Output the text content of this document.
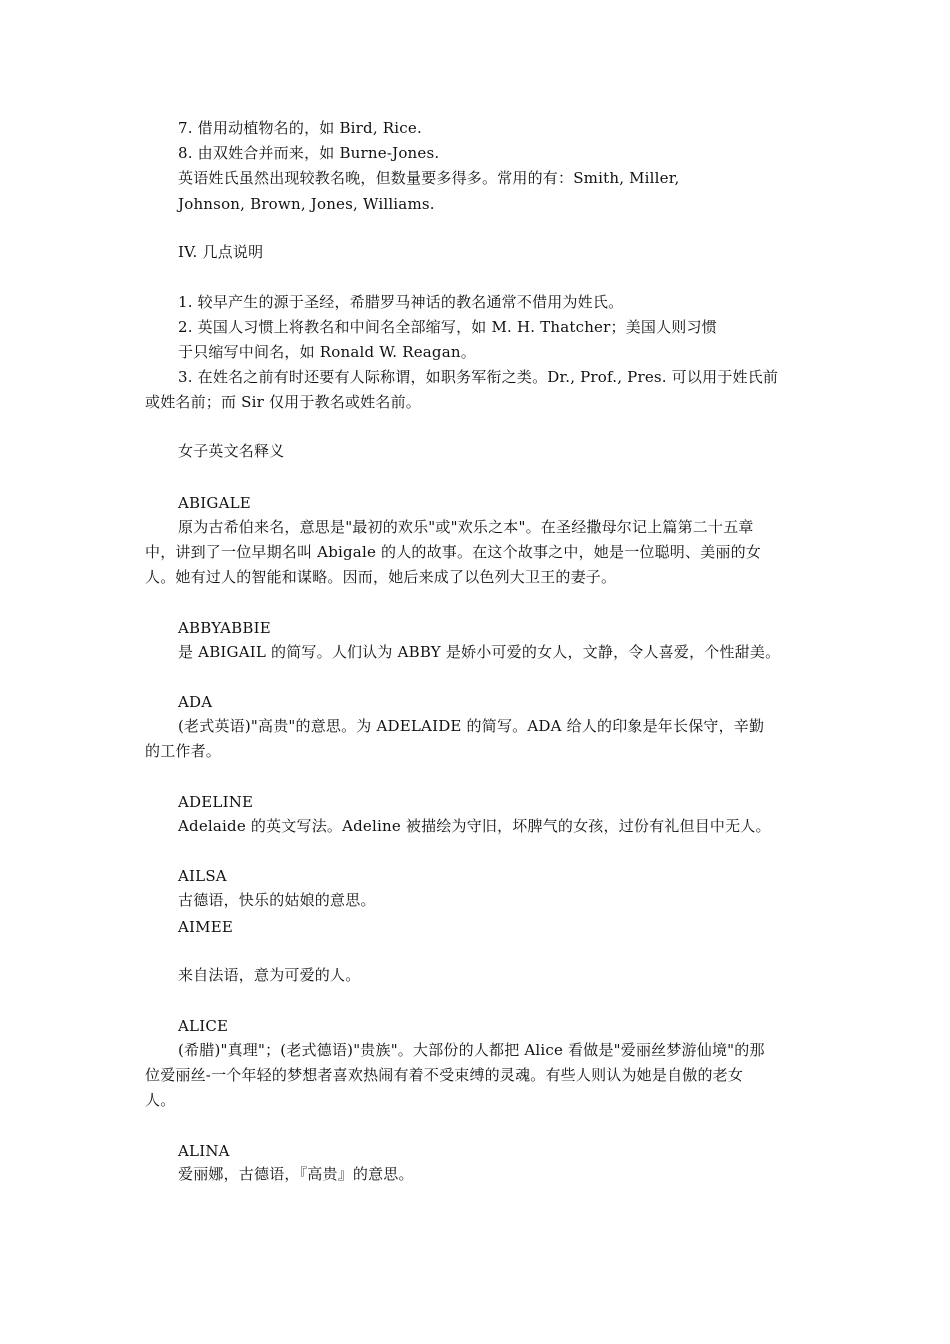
7. 借用动植物名的，如 Bird, Rice.
8. 由双姓合并而来，如 Burne-Jones.
英语姓氏虽然出现较教名晚，但数量要多得多。常用的有：Smith, Miller,
Johnson, Brown, Jones, Williams.
IV. 几点说明
1. 较早产生的源于圣经，希腊罗马神话的教名通常不借用为姓氏。
2. 英国人习惯上将教名和中间名全部缩写，如 M. H. Thatcher；美国人则习惯
于只缩写中间名，如 Ronald W. Reagan。
3. 在姓名之前有时还要有人际称谓，如职务军衔之类。Dr., Prof., Pres. 可以用于姓氏前
或姓名前；而 Sir 仅用于教名或姓名前。
女子英文名释义
ABIGALE
原为古希伯来名，意思是"最初的欢乐"或"欢乐之本"。在圣经撒母尔记上篇第二十五章
中，讲到了一位早期名叫 Abigale 的人的故事。在这个故事之中，她是一位聪明、美丽的女
人。她有过人的智能和谋略。因而，她后来成了以色列大卫王的妻子。
ABBYABBIE
是 ABIGAIL 的简写。人们认为 ABBY 是娇小可爱的女人，文静，令人喜爱，个性甜美。
ADA
(老式英语)"高贵"的意思。为 ADELAIDE 的简写。ADA 给人的印象是年长保守，辛勤
的工作者。
ADELINE
Adelaide 的英文写法。Adeline 被描绘为守旧，坏脾气的女孩，过份有礼但目中无人。
AILSA
古德语，快乐的姑娘的意思。
AIMEE
来自法语，意为可爱的人。
ALICE
(希腊)"真理"；(老式德语)"贵族"。大部份的人都把 Alice 看做是"爱丽丝梦游仙境"的那
位爱丽丝-一个年轻的梦想者喜欢热闹有着不受束缚的灵魂。有些人则认为她是自傲的老女
人。
ALINA
爱丽娜，古德语，『高贵』的意思。
